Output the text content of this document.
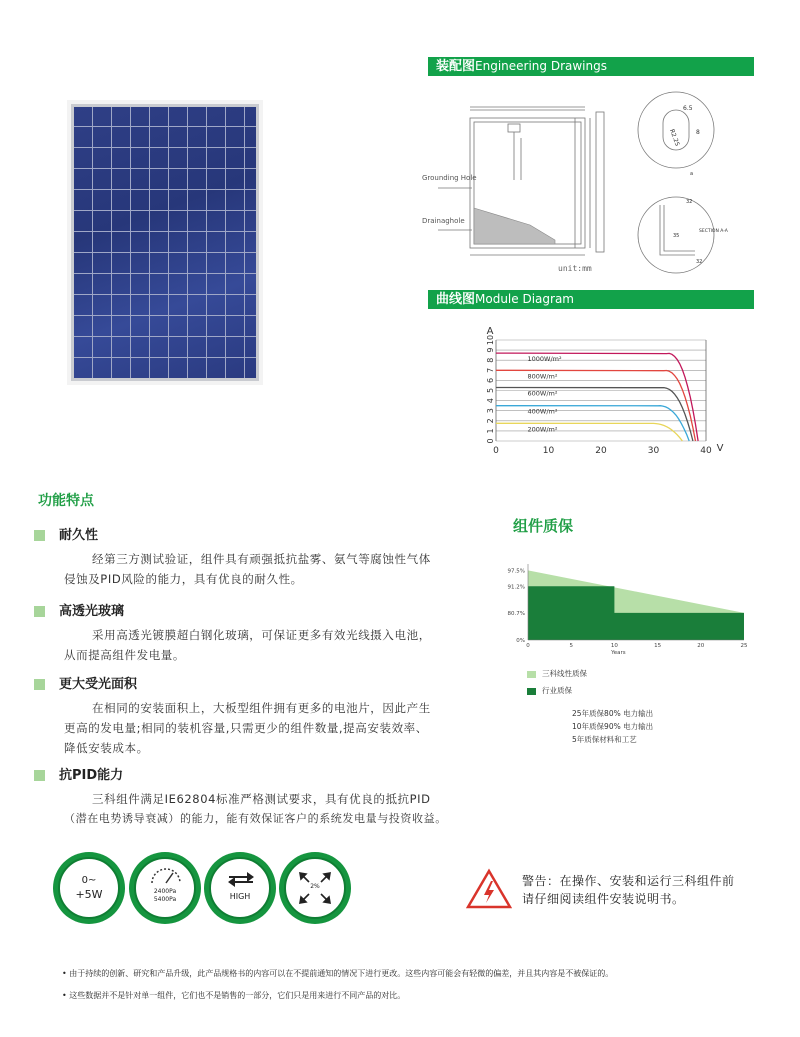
装配图Engineering Drawings
Grounding Hole
Drainaghole
unit:mm
6.5
8
R2.25
a
32
35
32
SECTION A-A
曲线图Module Diagram
0
1
2
3
4
5
6
7
8
9
10
0	10	20	30	40
A
V
1000W/m²
800W/m²
600W/m²
400W/m²
200W/m²
功能特点
耐久性
经第三方测试验证，组件具有顽强抵抗盐雾、氨气等腐蚀性气体
侵蚀及PID风险的能力，具有优良的耐久性。
高透光玻璃
采用高透光镀膜超白钢化玻璃，可保证更多有效光线摄入电池，
从而提高组件发电量。
更大受光面积
在相同的安装面积上，大板型组件拥有更多的电池片，因此产生
更高的发电量;相同的装机容量,只需更少的组件数量,提高安装效率、
降低安装成本。
抗PID能力
三科组件满足IE62804标准严格测试要求，具有优良的抵抗PID
（潜在电势诱导衰减）的能力，能有效保证客户的系统发电量与投资收益。
组件质保
0%
80.7%
91.2%
97.5%
0	5	10	15	20	25
Years
三科线性质保
行业质保
25年质保80% 电力输出
10年质保90% 电力输出
5年质保材料和工艺
0~
+5W	2400Pa
5400Pa	HIGH
2%	警告：在操作、安装和运行三科组件前
请仔细阅读组件安装说明书。
• 由于持续的创新、研究和产品升级，此产品规格书的内容可以在不提前通知的情况下进行更改。这些内容可能会有轻微的偏差，并且其内容是不被保证的。
• 这些数据并不是针对单一组件，它们也不是销售的一部分，它们只是用来进行不同产品的对比。
